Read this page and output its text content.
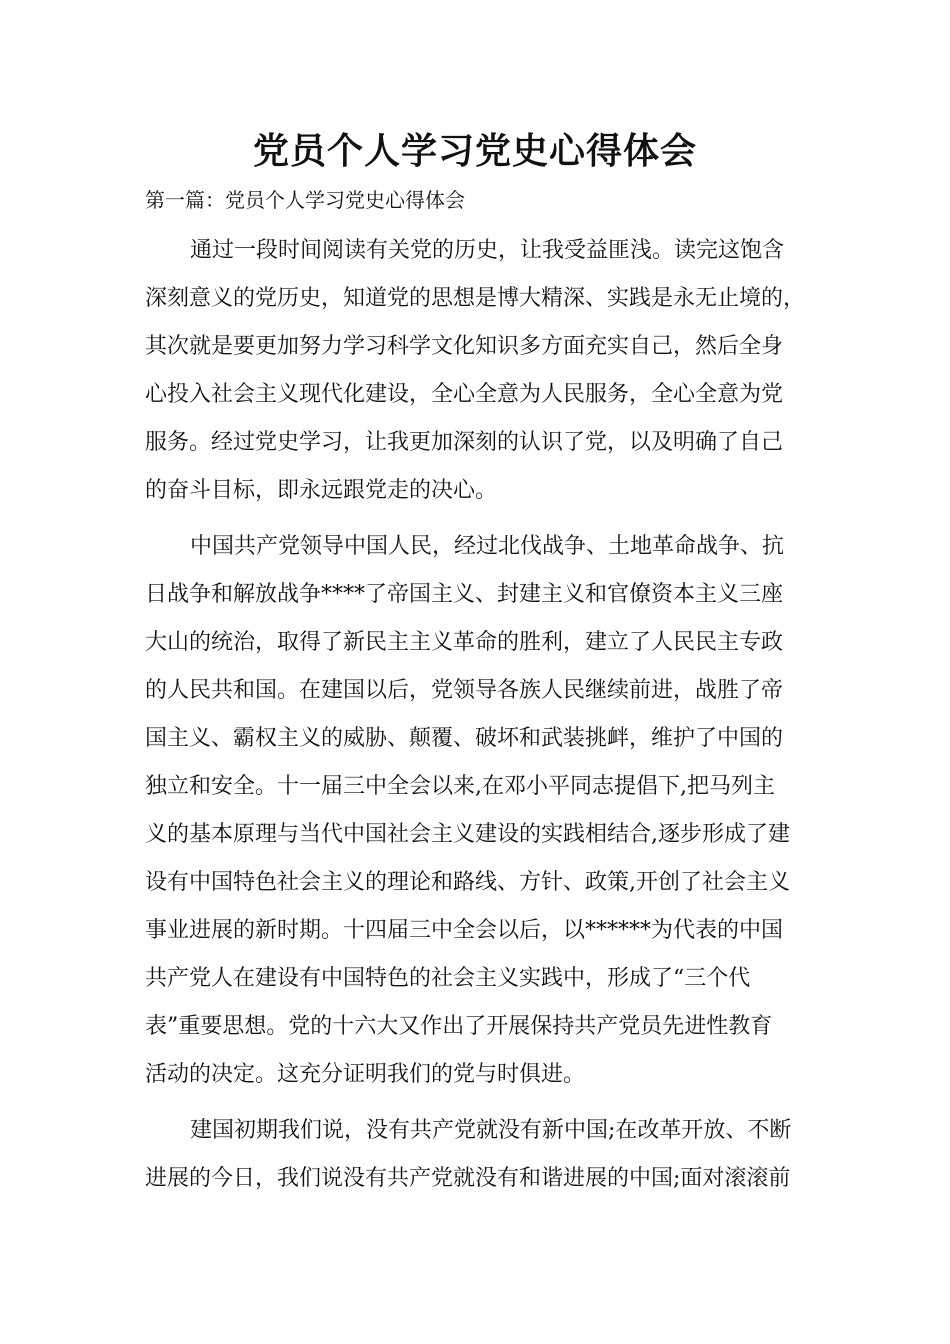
党员个人学习党史心得体会

第一篇：党员个人学习党史心得体会

通过一段时间阅读有关党的历史，让我受益匪浅。读完这饱含

深刻意义的党历史，知道党的思想是博大精深、实践是永无止境的，

其次就是要更加努力学习科学文化知识多方面充实自己，然后全身

心投入社会主义现代化建设，全心全意为人民服务，全心全意为党

服务。经过党史学习，让我更加深刻的认识了党，以及明确了自己

的奋斗目标，即永远跟党走的决心。

中国共产党领导中国人民，经过北伐战争、土地革命战争、抗

日战争和解放战争****了帝国主义、封建主义和官僚资本主义三座

大山的统治，取得了新民主主义革命的胜利，建立了人民民主专政

的人民共和国。在建国以后，党领导各族人民继续前进，战胜了帝

国主义、霸权主义的威胁、颠覆、破坏和武装挑衅，维护了中国的

独立和安全。十一届三中全会以来,在邓小平同志提倡下,把马列主

义的基本原理与当代中国社会主义建设的实践相结合,逐步形成了建

设有中国特色社会主义的理论和路线、方针、政策,开创了社会主义

事业进展的新时期。十四届三中全会以后，以******为代表的中国

共产党人在建设有中国特色的社会主义实践中，形成了“三个代

表”重要思想。党的十六大又作出了开展保持共产党员先进性教育

活动的决定。这充分证明我们的党与时俱进。

建国初期我们说，没有共产党就没有新中国;在改革开放、不断

进展的今日，我们说没有共产党就没有和谐进展的中国;面对滚滚前
